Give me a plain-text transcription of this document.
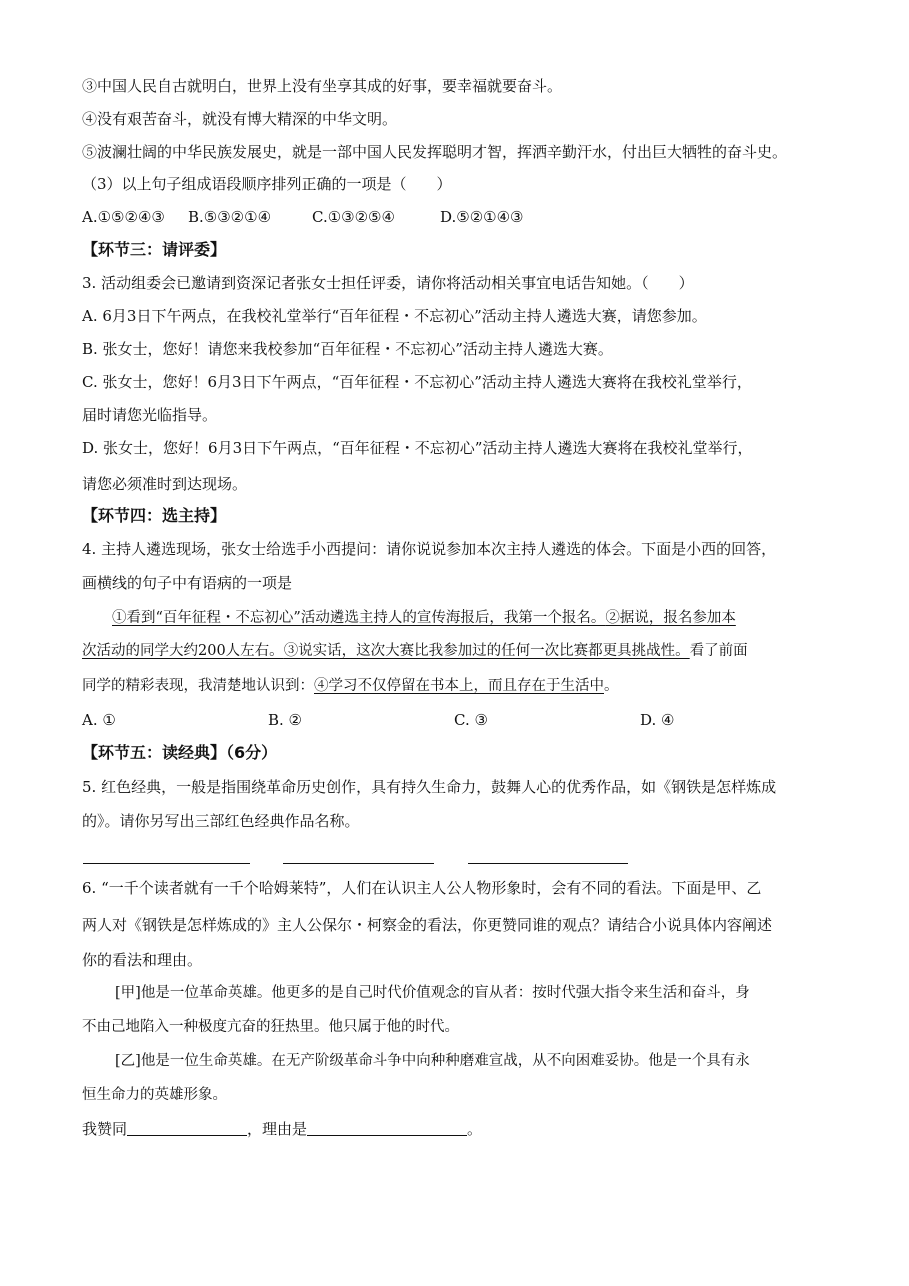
③中国人民自古就明白，世界上没有坐享其成的好事，要幸福就要奋斗。
④没有艰苦奋斗，就没有博大精深的中华文明。
⑤波澜壮阔的中华民族发展史，就是一部中国人民发挥聪明才智，挥洒辛勤汗水，付出巨大牺牲的奋斗史。
（3）以上句子组成语段顺序排列正确的一项是（　　）
A.①⑤②④③ B.⑤③②①④	C.①③②⑤④	D.⑤②①④③
【环节三：请评委】
3. 活动组委会已邀请到资深记者张女士担任评委，请你将活动相关事宜电话告知她。（　　）
A. 6月3日下午两点，在我校礼堂举行“百年征程・不忘初心”活动主持人遴选大赛，请您参加。
B. 张女士，您好！请您来我校参加“百年征程・不忘初心”活动主持人遴选大赛。
C. 张女士，您好！6月3日下午两点，“百年征程・不忘初心”活动主持人遴选大赛将在我校礼堂举行，
届时请您光临指导。
D. 张女士，您好！6月3日下午两点，“百年征程・不忘初心”活动主持人遴选大赛将在我校礼堂举行，
请您必须准时到达现场。
【环节四：选主持】
4. 主持人遴选现场，张女士给选手小西提问：请你说说参加本次主持人遴选的体会。下面是小西的回答，
画横线的句子中有语病的一项是
①看到“百年征程・不忘初心”活动遴选主持人的宣传海报后，我第一个报名。②据说，报名参加本
次活动的同学大约200人左右。③说实话，这次大赛比我参加过的任何一次比赛都更具挑战性。看了前面
同学的精彩表现，我清楚地认识到：④学习不仅停留在书本上，而且存在于生活中。
A. ①	B. ②	C. ③	D. ④
【环节五：读经典】（6分）
5. 红色经典，一般是指围绕革命历史创作，具有持久生命力，鼓舞人心的优秀作品，如《钢铁是怎样炼成
的》。请你另写出三部红色经典作品名称。
6. “一千个读者就有一千个哈姆莱特”，人们在认识主人公人物形象时，会有不同的看法。下面是甲、乙
两人对《钢铁是怎样炼成的》主人公保尔・柯察金的看法，你更赞同谁的观点？请结合小说具体内容阐述
你的看法和理由。
[甲]他是一位革命英雄。他更多的是自己时代价值观念的盲从者：按时代强大指令来生活和奋斗，身
不由己地陷入一种极度亢奋的狂热里。他只属于他的时代。
[乙]他是一位生命英雄。在无产阶级革命斗争中向种种磨难宣战，从不向困难妥协。他是一个具有永
恒生命力的英雄形象。
我赞同	，理由是	。
